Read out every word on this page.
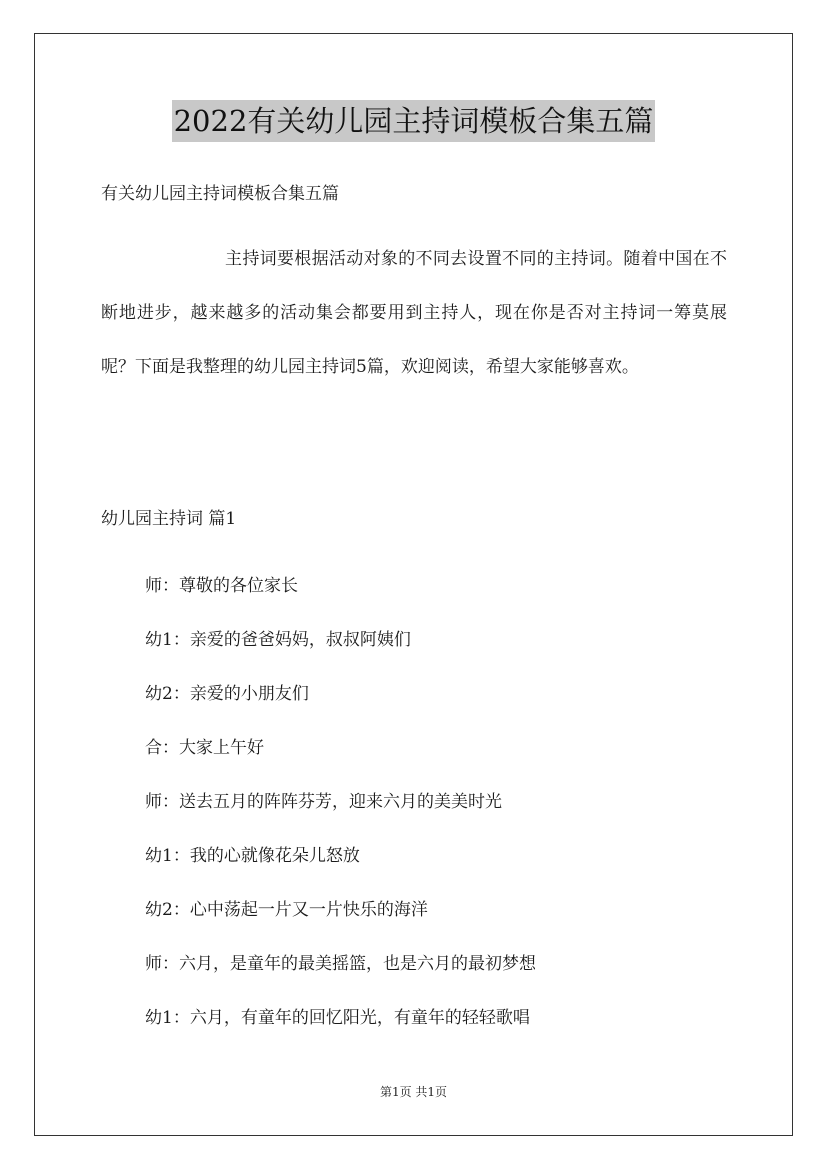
2022有关幼儿园主持词模板合集五篇
有关幼儿园主持词模板合集五篇

主持词要根据活动对象的不同去设置不同的主持词。随着中国在不断地进步，越来越多的活动集会都要用到主持人，现在你是否对主持词一筹莫展呢？下面是我整理的幼儿园主持词5篇，欢迎阅读，希望大家能够喜欢。

幼儿园主持词 篇1
师：尊敬的各位家长
幼1：亲爱的爸爸妈妈，叔叔阿姨们
幼2：亲爱的小朋友们
合：大家上午好
师：送去五月的阵阵芬芳，迎来六月的美美时光
幼1：我的心就像花朵儿怒放
幼2：心中荡起一片又一片快乐的海洋
师：六月，是童年的最美摇篮，也是六月的最初梦想
幼1：六月，有童年的回忆阳光，有童年的轻轻歌唱
第1页 共1页
